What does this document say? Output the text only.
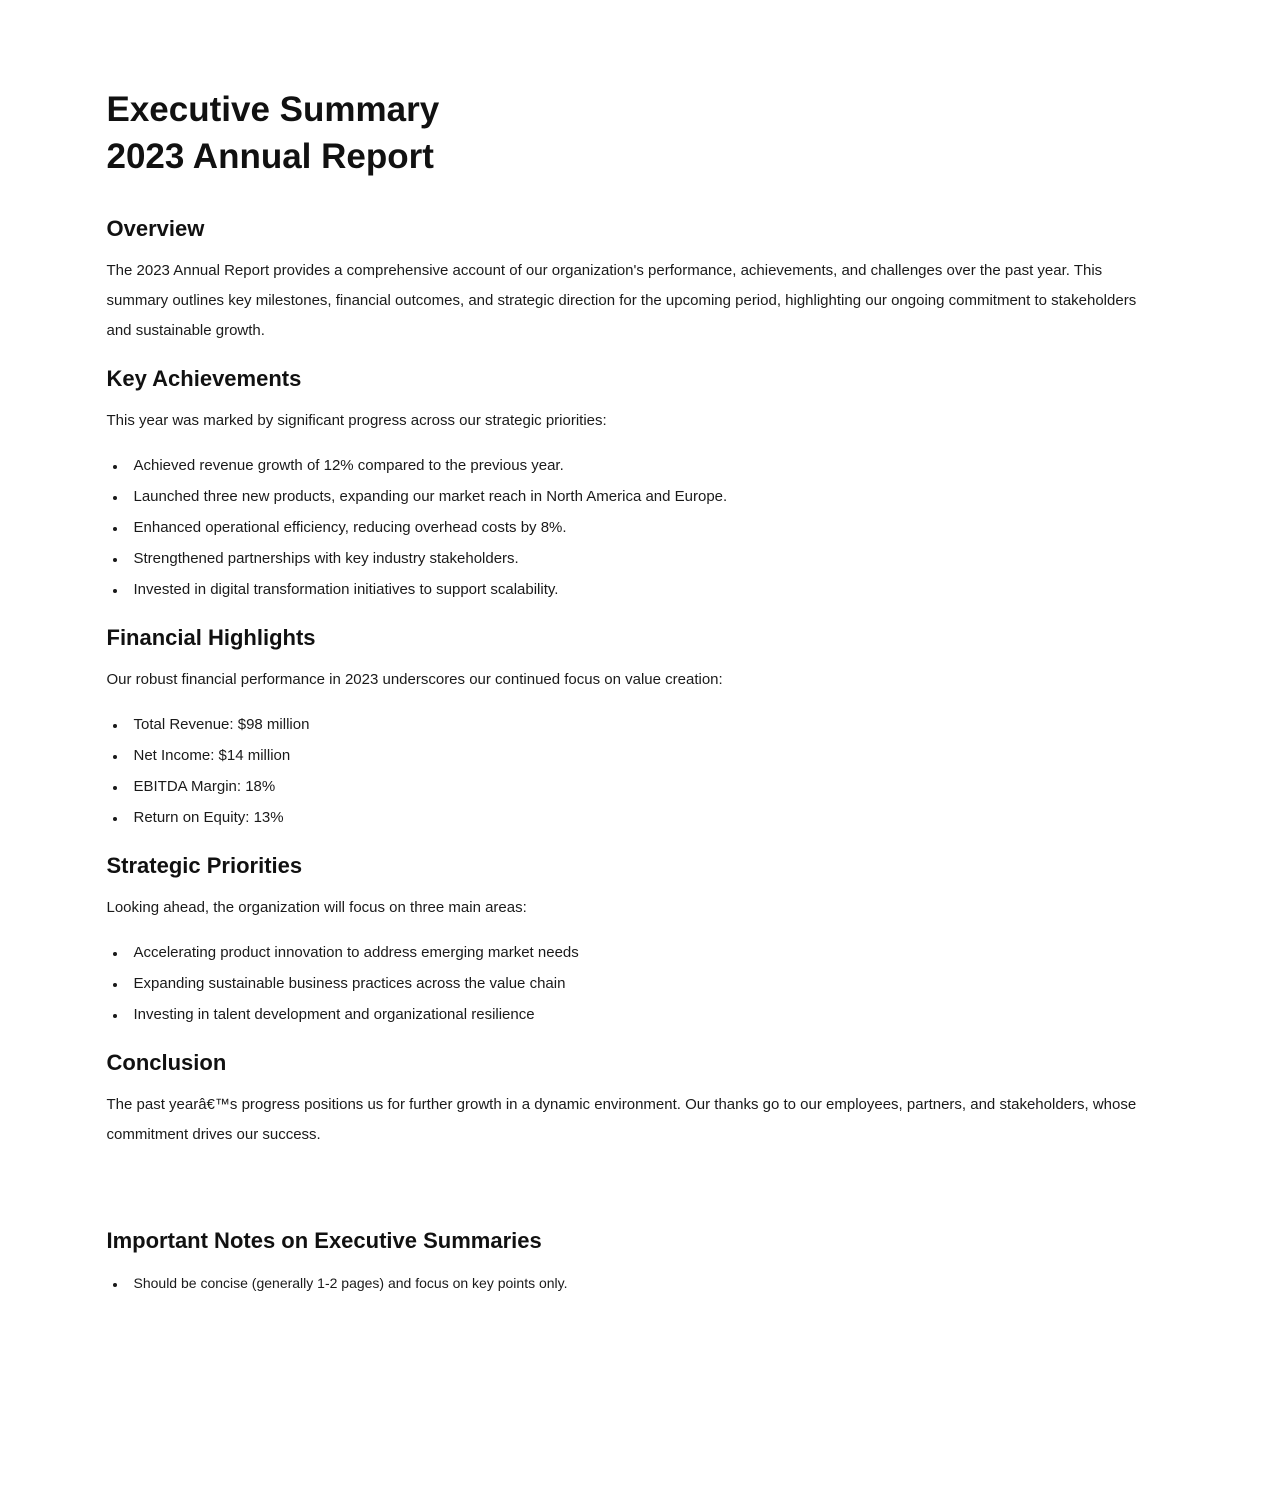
Executive Summary
2023 Annual Report
Overview

The 2023 Annual Report provides a comprehensive account of our organization's performance, achievements, and challenges over the past year. This summary outlines key milestones, financial outcomes, and strategic direction for the upcoming period, highlighting our ongoing commitment to stakeholders and sustainable growth.

Key Achievements

This year was marked by significant progress across our strategic priorities:

• Achieved revenue growth of 12% compared to the previous year.
• Launched three new products, expanding our market reach in North America and Europe.
• Enhanced operational efficiency, reducing overhead costs by 8%.
• Strengthened partnerships with key industry stakeholders.
• Invested in digital transformation initiatives to support scalability.
Financial Highlights

Our robust financial performance in 2023 underscores our continued focus on value creation:

• Total Revenue: $98 million
• Net Income: $14 million
• EBITDA Margin: 18%
• Return on Equity: 13%
Strategic Priorities

Looking ahead, the organization will focus on three main areas:

• Accelerating product innovation to address emerging market needs
• Expanding sustainable business practices across the value chain
• Investing in talent development and organizational resilience
Conclusion

The past yearâ€™s progress positions us for further growth in a dynamic environment. Our thanks go to our employees, partners, and stakeholders, whose commitment drives our success.

Important Notes on Executive Summaries
• Should be concise (generally 1-2 pages) and focus on key points only.
